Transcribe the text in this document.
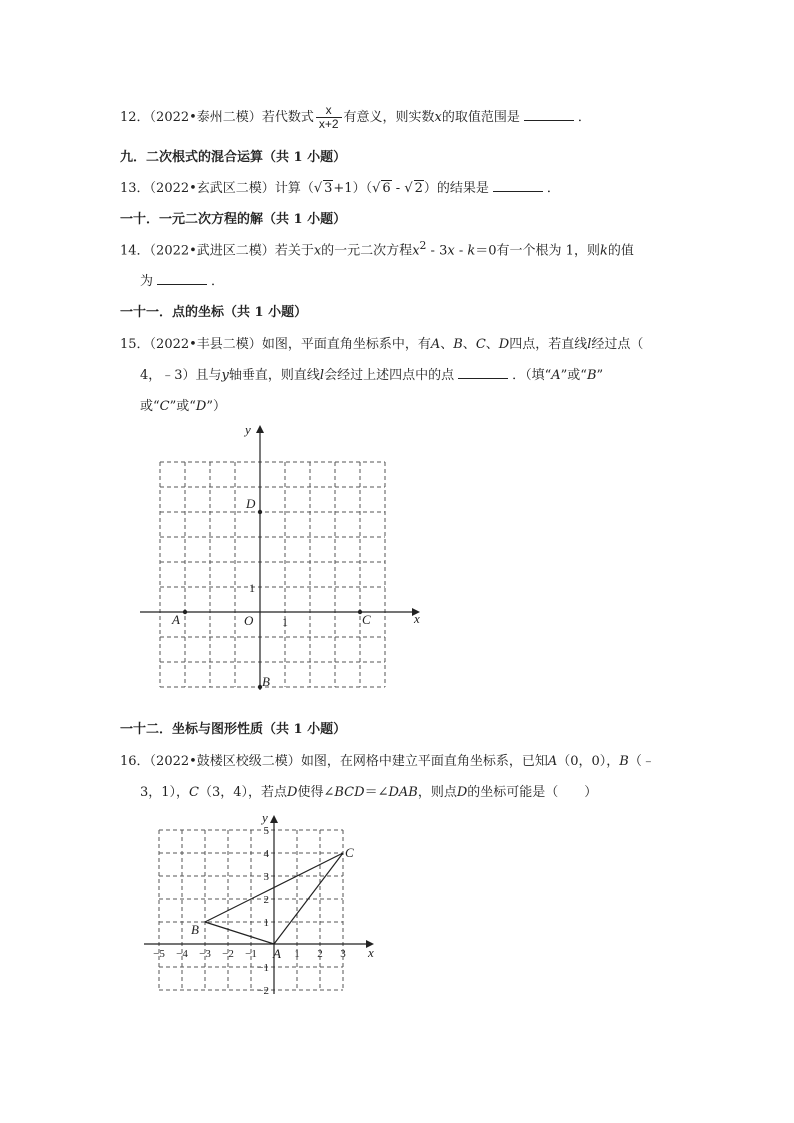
12．（2022•泰州二模）若代数式 $\frac{x}{x+2}$ 有意义，则实数x的取值范围是	．
九．二次根式的混合运算（共 1 小题）
13．（2022•玄武区二模）计算（√ 3+1）（√ 6 - √ 2）的结果是	．
一十．一元二次方程的解（共 1 小题）
14．（2022•武进区二模）若关于x的一元二次方程$x^2 - 3x - k=0$有一个根为 1，则k的值
为	．
一十一．点的坐标（共 1 小题）
15．（2022•丰县二模）如图，平面直角坐标系中，有A、B、C、D四点，若直线l经过点（
4，﹣3）且与y轴垂直，则直线l会经过上述四点中的点	．（填“A”或“B”
或“C”或“D”）
x
y
O
A	C
B
D
1
1
一十二．坐标与图形性质（共 1 小题）
16．（2022•鼓楼区校级二模）如图，在网格中建立平面直角坐标系，已知A（0，0），B（﹣
3，1），C（3，4），若点D使得∠BCD＝∠DAB，则点D的坐标可能是（　　）
x
y
A
B
C
−5 −4 −3 −2 −1	1 2 3
5
4
3
2
1
−1
−2
